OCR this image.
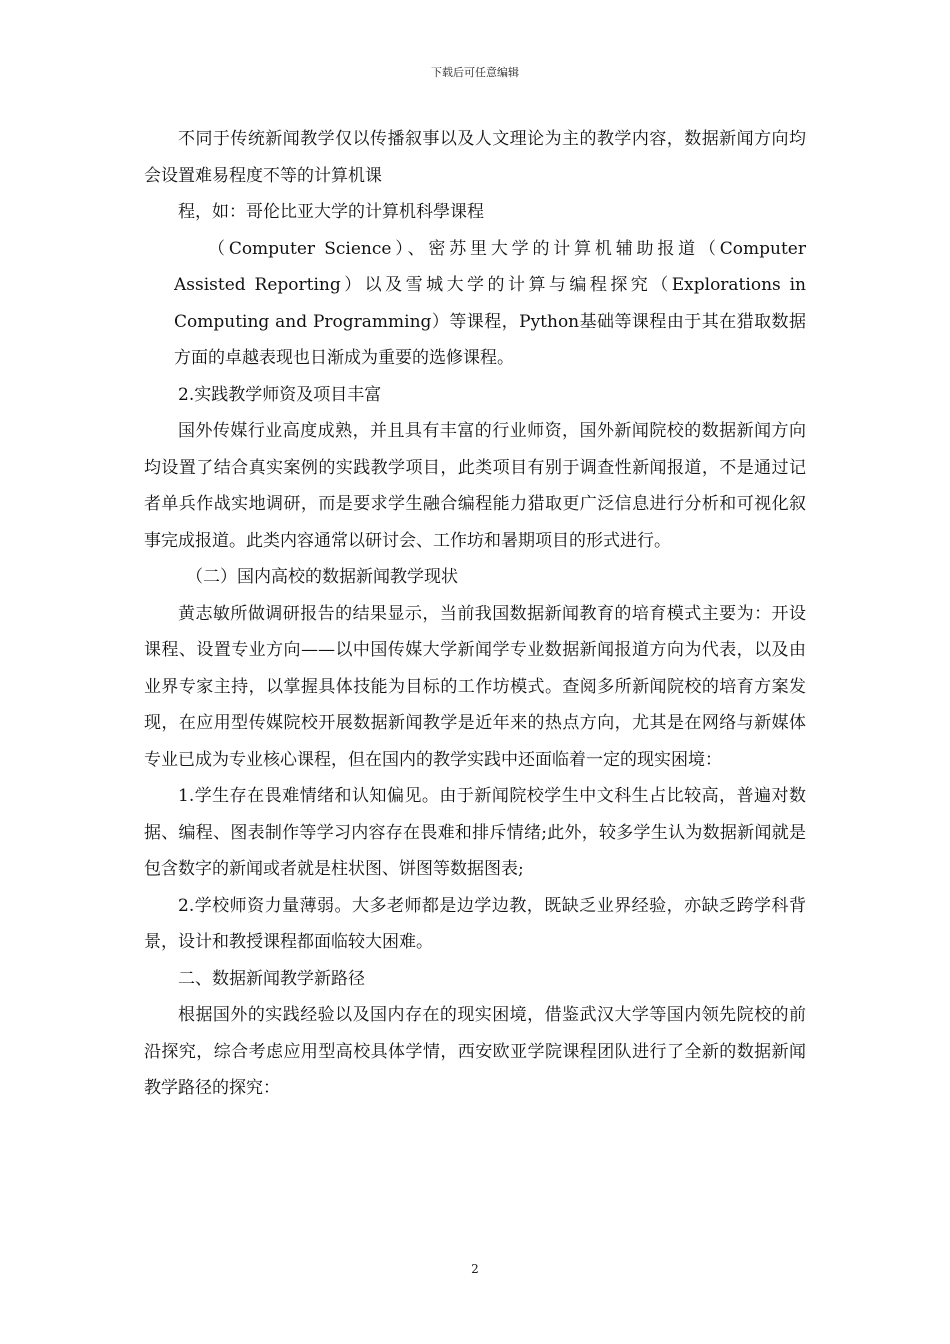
下载后可任意编辑

不同于传统新闻教学仅以传播叙事以及人文理论为主的教学内容，数据新闻方向均会设置难易程度不等的计算机课

程，如：哥伦比亚大学的计算机科學课程

（Computer Science）、密苏里大学的计算机辅助报道（Computer Assisted Reporting）以及雪城大学的计算与编程探究（Explorations in Computing and Programming）等课程，Python基础等课程由于其在猎取数据方面的卓越表现也日渐成为重要的选修课程。

2.实践教学师资及项目丰富

国外传媒行业高度成熟，并且具有丰富的行业师资，国外新闻院校的数据新闻方向均设置了结合真实案例的实践教学项目，此类项目有别于调查性新闻报道，不是通过记者单兵作战实地调研，而是要求学生融合编程能力猎取更广泛信息进行分析和可视化叙事完成报道。此类内容通常以研讨会、工作坊和暑期项目的形式进行。

（二）国内高校的数据新闻教学现状

黄志敏所做调研报告的结果显示，当前我国数据新闻教育的培育模式主要为：开设课程、设置专业方向——以中国传媒大学新闻学专业数据新闻报道方向为代表，以及由业界专家主持，以掌握具体技能为目标的工作坊模式。查阅多所新闻院校的培育方案发现，在应用型传媒院校开展数据新闻教学是近年来的热点方向，尤其是在网络与新媒体专业已成为专业核心课程，但在国内的教学实践中还面临着一定的现实困境：

1.学生存在畏难情绪和认知偏见。由于新闻院校学生中文科生占比较高，普遍对数据、编程、图表制作等学习内容存在畏难和排斥情绪;此外，较多学生认为数据新闻就是包含数字的新闻或者就是柱状图、饼图等数据图表;

2.学校师资力量薄弱。大多老师都是边学边教，既缺乏业界经验，亦缺乏跨学科背景，设计和教授课程都面临较大困难。

二、数据新闻教学新路径

根据国外的实践经验以及国内存在的现实困境，借鉴武汉大学等国内领先院校的前沿探究，综合考虑应用型高校具体学情，西安欧亚学院课程团队进行了全新的数据新闻教学路径的探究：

2
